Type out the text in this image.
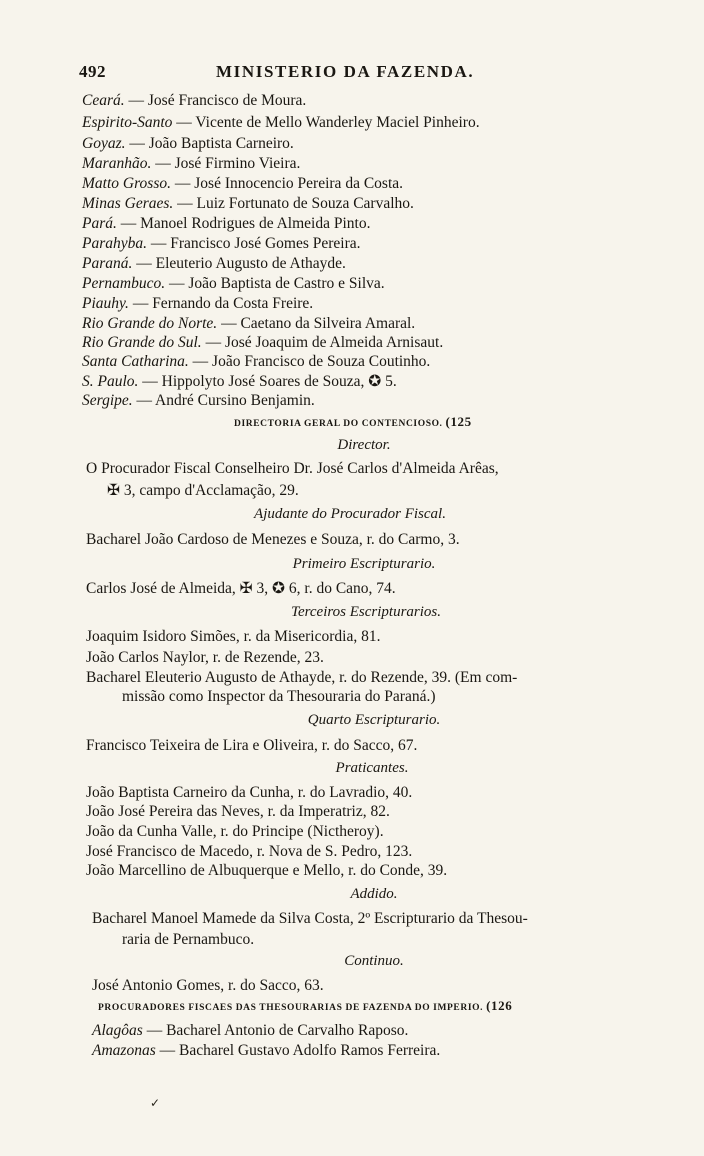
492	MINISTERIO DA FAZENDA.
Ceará. — José Francisco de Moura.
Espirito-Santo — Vicente de Mello Wanderley Maciel Pinheiro.
Goyaz. — João Baptista Carneiro.
Maranhão. — José Firmino Vieira.
Matto Grosso. — José Innocencio Pereira da Costa.
Minas Geraes. — Luiz Fortunato de Souza Carvalho.
Pará. — Manoel Rodrigues de Almeida Pinto.
Parahyba. — Francisco José Gomes Pereira.
Paraná. — Eleuterio Augusto de Athayde.
Pernambuco. — João Baptista de Castro e Silva.
Piauhy. — Fernando da Costa Freire.
Rio Grande do Norte. — Caetano da Silveira Amaral.
Rio Grande do Sul. — José Joaquim de Almeida Arnisaut.
Santa Catharina. — João Francisco de Souza Coutinho.
S. Paulo. — Hippolyto José Soares de Souza, ✪ 5.
Sergipe. — André Cursino Benjamin.
DIRECTORIA GERAL DO CONTENCIOSO. (125
Director.
O Procurador Fiscal Conselheiro Dr. José Carlos d'Almeida Arêas,
✠ 3, campo d'Acclamação, 29.
Ajudante do Procurador Fiscal.
Bacharel João Cardoso de Menezes e Souza, r. do Carmo, 3.
Primeiro Escripturario.
Carlos José de Almeida, ✠ 3, ✪ 6, r. do Cano, 74.
Terceiros Escripturarios.
Joaquim Isidoro Simões, r. da Misericordia, 81.
João Carlos Naylor, r. de Rezende, 23.
Bacharel Eleuterio Augusto de Athayde, r. do Rezende, 39. (Em com-
missão como Inspector da Thesouraria do Paraná.)
Quarto Escripturario.
Francisco Teixeira de Lira e Oliveira, r. do Sacco, 67.
Praticantes.
João Baptista Carneiro da Cunha, r. do Lavradio, 40.
João José Pereira das Neves, r. da Imperatriz, 82.
João da Cunha Valle, r. do Principe (Nictheroy).
José Francisco de Macedo, r. Nova de S. Pedro, 123.
João Marcellino de Albuquerque e Mello, r. do Conde, 39.
Addido.
Bacharel Manoel Mamede da Silva Costa, 2º Escripturario da Thesou-
raria de Pernambuco.
Continuo.
José Antonio Gomes, r. do Sacco, 63.
PROCURADORES FISCAES DAS THESOURARIAS DE FAZENDA DO IMPERIO. (126
Alagôas — Bacharel Antonio de Carvalho Raposo.
Amazonas — Bacharel Gustavo Adolfo Ramos Ferreira.
✓
